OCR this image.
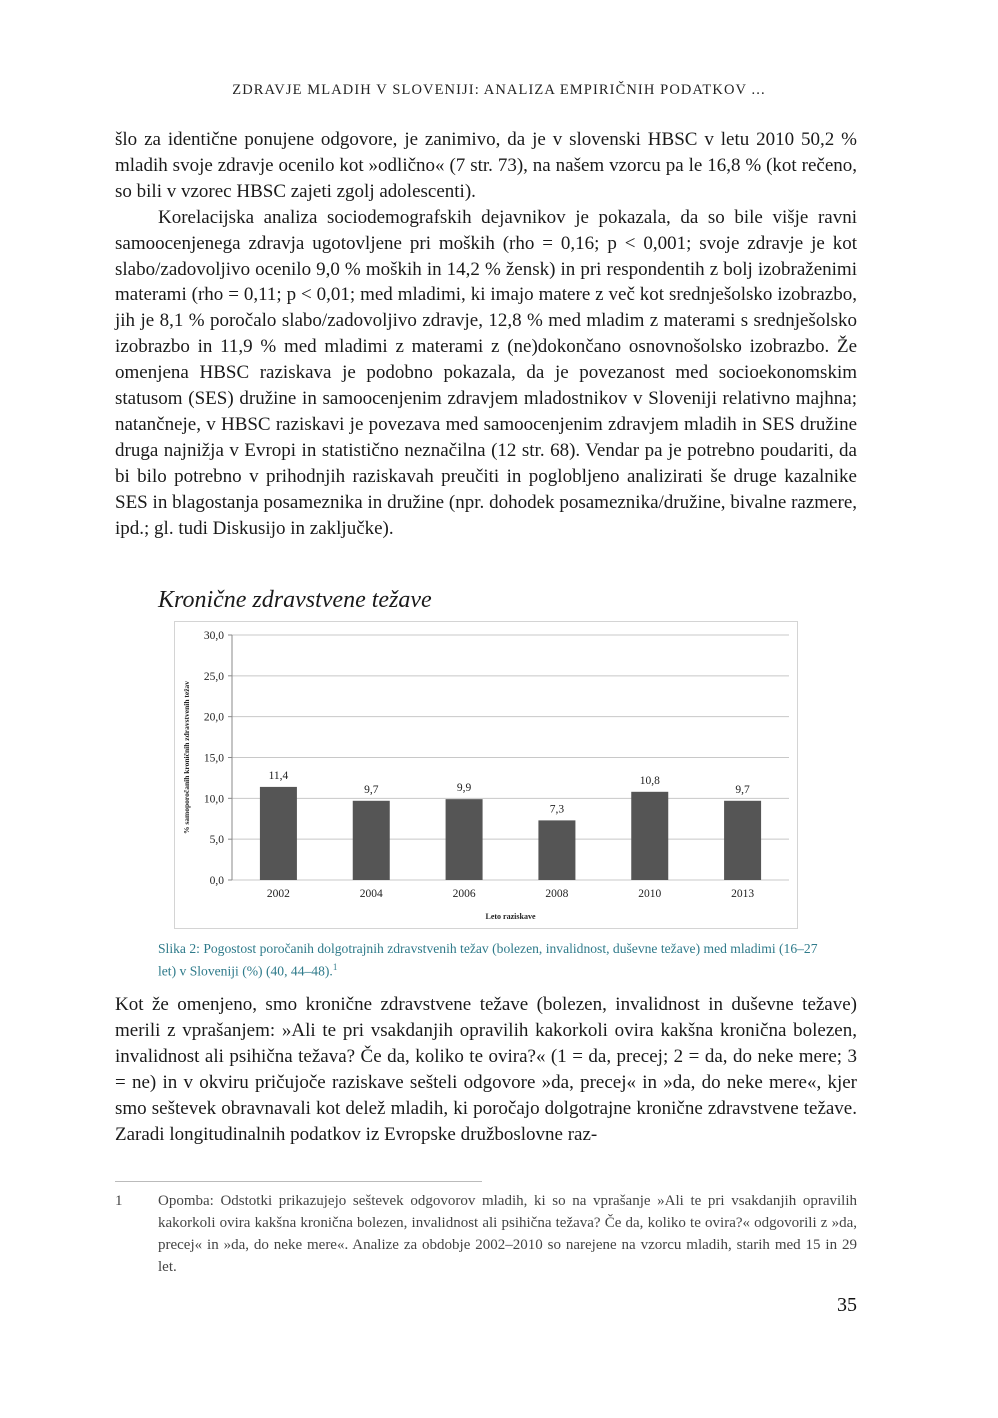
ZDRAVJE MLADIH V SLOVENIJI: ANALIZA EMPIRIČNIH PODATKOV ...

šlo za identične ponujene odgovore, je zanimivo, da je v slovenski HBSC v letu 2010 50,2 % mladih svoje zdravje ocenilo kot »odlično« (7 str. 73), na našem vzorcu pa le 16,8 % (kot rečeno, so bili v vzorec HBSC zajeti zgolj adolescenti).

Korelacijska analiza sociodemografskih dejavnikov je pokazala, da so bile višje ravni samoocenjenega zdravja ugotovljene pri moških (rho = 0,16; p < 0,001; svoje zdravje je kot slabo/zadovoljivo ocenilo 9,0 % moških in 14,2 % žensk) in pri respondentih z bolj izobraženimi materami (rho = 0,11; p < 0,01; med mladimi, ki imajo matere z več kot srednješolsko izobrazbo, jih je 8,1 % poročalo slabo/zadovoljivo zdravje, 12,8 % med mladim z materami s srednješolsko izobrazbo in 11,9 % med mladimi z materami z (ne)dokončano osnovnošolsko izobrazbo. Že omenjena HBSC raziskava je podobno pokazala, da je povezanost med socioekonomskim statusom (SES) družine in samoocenjenim zdravjem mladostnikov v Sloveniji relativno majhna; natančneje, v HBSC raziskavi je povezava med samoocenjenim zdravjem mladih in SES družine druga najnižja v Evropi in statistično neznačilna (12 str. 68). Vendar pa je potrebno poudariti, da bi bilo potrebno v prihodnjih raziskavah preučiti in poglobljeno analizirati še druge kazalnike SES in blagostanja posameznika in družine (npr. dohodek posameznika/družine, bivalne razmere, ipd.; gl. tudi Diskusijo in zaključke).

Kronične zdravstvene težave
0,0
5,0
10,0
15,0
20,0
25,0
30,0
11,4
2002
9,7
2004
9,9
2006
7,3
2008
10,8
2010
9,7
2013
Leto raziskave
% samoporočanih kroničnih zdravstvenih težav

Slika 2: Pogostost poročanih dolgotrajnih zdravstvenih težav (bolezen, invalidnost, duševne težave) med mladimi (16–27 let) v Sloveniji (%) (40, 44–48).$^1$

Kot že omenjeno, smo kronične zdravstvene težave (bolezen, invalidnost in duševne težave) merili z vprašanjem: »Ali te pri vsakdanjih opravilih kakorkoli ovira kakšna kronična bolezen, invalidnost ali psihična težava? Če da, koliko te ovira?« (1 = da, precej; 2 = da, do neke mere; 3 = ne) in v okviru pričujoče raziskave sešteli odgovore »da, precej« in »da, do neke mere«, kjer smo seštevek obravnavali kot delež mladih, ki poročajo dolgotrajne kronične zdravstvene težave. Zaradi longitudinalnih podatkov iz Evropske družboslovne raz-

1 Opomba: Odstotki prikazujejo seštevek odgovorov mladih, ki so na vprašanje »Ali te pri vsakdanjih opravilih kakorkoli ovira kakšna kronična bolezen, invalidnost ali psihična težava? Če da, koliko te ovira?« odgovorili z »da, precej« in »da, do neke mere«. Analize za obdobje 2002–2010 so narejene na vzorcu mladih, starih med 15 in 29 let.
35
